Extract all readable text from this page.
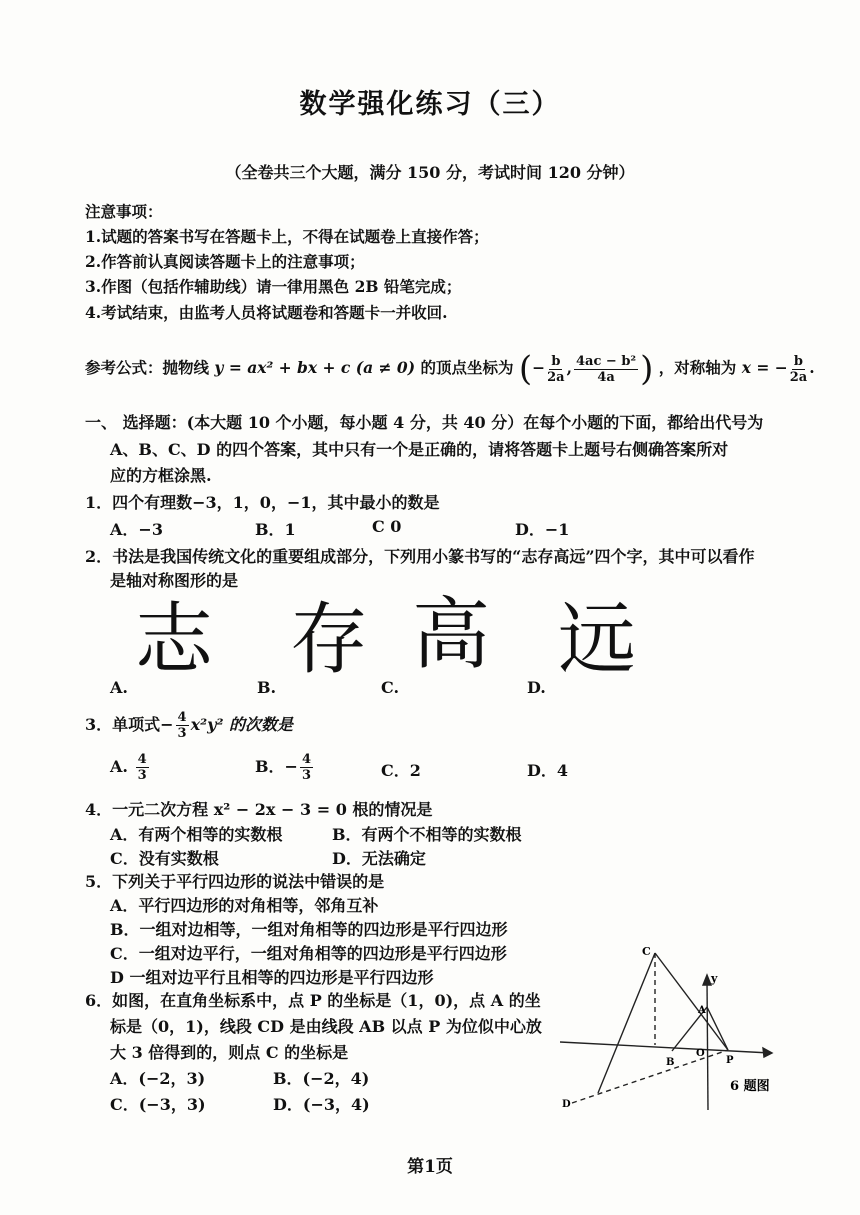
数学强化练习（三）
（全卷共三个大题，满分 150 分，考试时间 120 分钟）
注意事项：
1.试题的答案书写在答题卡上，不得在试题卷上直接作答；
2.作答前认真阅读答题卡上的注意事项；
3.作图（包括作辅助线）请一律用黑色 2B 铅笔完成；
4.考试结束，由监考人员将试题卷和答题卡一并收回.
参考公式：抛物线 y = ax² + bx + c (a ≠ 0) 的顶点坐标为 (− $\frac{b}{2a}$ , $\frac{\text{4ac − b²}}{4a}$ ) ，对称轴为 x = − $\frac{b}{2a}$ .
一、 选择题：(本大题 10 个小题，每小题 4 分，共 40 分）在每个小题的下面，都给出代号为
A、B、C、D 的四个答案，其中只有一个是正确的，请将答题卡上题号右侧确答案所对
应的方框涂黑.
1．四个有理数−3，1，0，−1，其中最小的数是
A．−3	B．1	C 0	D．−1
2．书法是我国传统文化的重要组成部分，下列用小篆书写的“志存高远”四个字，其中可以看作
是轴对称图形的是
志 存 高 远
A.	B.	C.	D.
3．单项式− $\frac{4}{3} x^2y^2$ 的次数是
A. $\frac{4}{3}$	B．− $\frac{4}{3}$	C．2	D．4
4．一元二次方程 x² − 2x − 3 = 0 根的情况是
A．有两个相等的实数根	B．有两个不相等的实数根
C．没有实数根	D．无法确定
5．下列关于平行四边形的说法中错误的是
A．平行四边形的对角相等，邻角互补
B．一组对边相等，一组对角相等的四边形是平行四边形
C．一组对边平行，一组对角相等的四边形是平行四边形
D 一组对边平行且相等的四边形是平行四边形
6．如图，在直角坐标系中，点 P 的坐标是（1，0)，点 A 的坐
标是（0，1)，线段 CD 是由线段 AB 以点 P 为位似中心放
大 3 倍得到的，则点 C 的坐标是
A．(−2，3)	B．(−2，4)
C．(−3，3)	D．(−3，4)
C
y
A
B
O
P
D
6 题图
第1页
